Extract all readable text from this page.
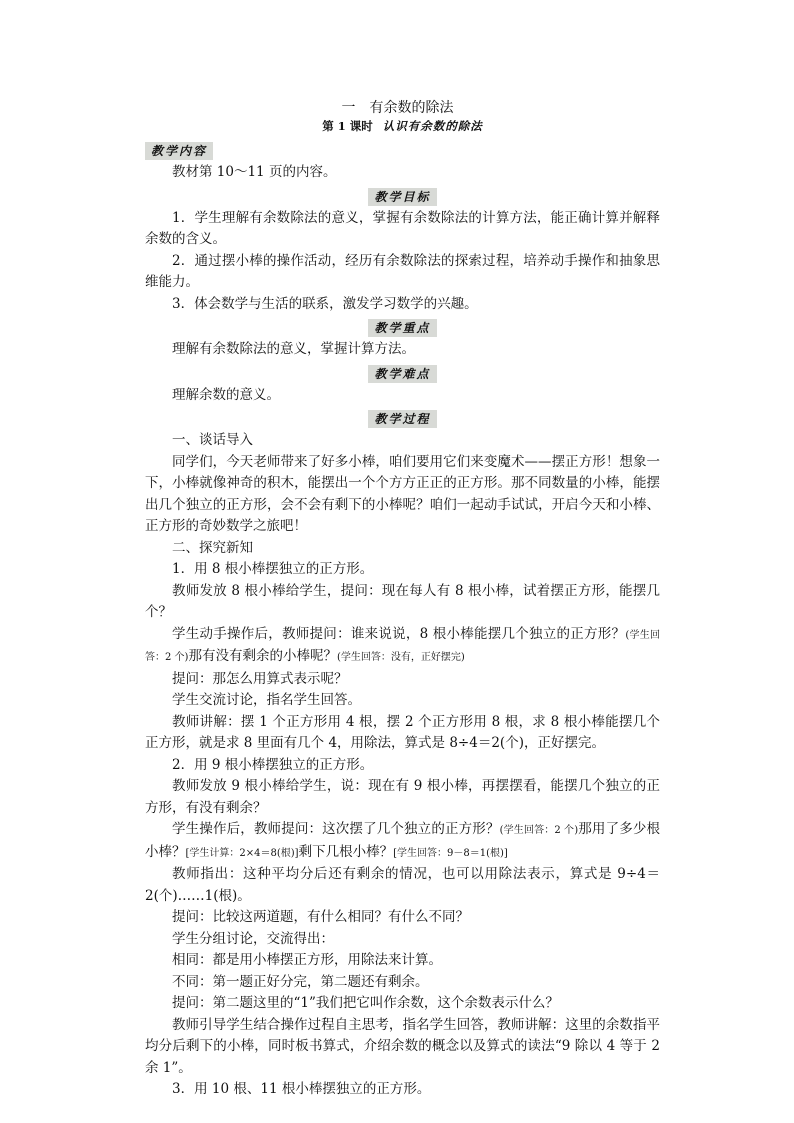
一　有余数的除法
第 1 课时 认识有余数的除法
教学内容

教材第 10～11 页的内容。

教学目标

1．学生理解有余数除法的意义，掌握有余数除法的计算方法，能正确计算并解释余数的含义。

2．通过摆小棒的操作活动，经历有余数除法的探索过程，培养动手操作和抽象思维能力。

3．体会数学与生活的联系，激发学习数学的兴趣。

教学重点

理解有余数除法的意义，掌握计算方法。

教学难点

理解余数的意义。

教学过程

一、谈话导入

同学们，今天老师带来了好多小棒，咱们要用它们来变魔术——摆正方形！想象一下，小棒就像神奇的积木，能摆出一个个方方正正的正方形。那不同数量的小棒，能摆出几个独立的正方形，会不会有剩下的小棒呢？咱们一起动手试试，开启今天和小棒、正方形的奇妙数学之旅吧！

二、探究新知

1．用 8 根小棒摆独立的正方形。

教师发放 8 根小棒给学生，提问：现在每人有 8 根小棒，试着摆正方形，能摆几个？

学生动手操作后，教师提问：谁来说说，8 根小棒能摆几个独立的正方形？(学生回答：2 个)那有没有剩余的小棒呢？(学生回答：没有，正好摆完)

提问：那怎么用算式表示呢？

学生交流讨论，指名学生回答。

教师讲解：摆 1 个正方形用 4 根，摆 2 个正方形用 8 根，求 8 根小棒能摆几个正方形，就是求 8 里面有几个 4，用除法，算式是 8÷4＝2(个)，正好摆完。

2．用 9 根小棒摆独立的正方形。

教师发放 9 根小棒给学生，说：现在有 9 根小棒，再摆摆看，能摆几个独立的正方形，有没有剩余？

学生操作后，教师提问：这次摆了几个独立的正方形？(学生回答：2 个)那用了多少根小棒？[学生计算：2×4＝8(根)]剩下几根小棒？[学生回答：9－8＝1(根)]

教师指出：这种平均分后还有剩余的情况，也可以用除法表示，算式是 9÷4＝2(个)……1(根)。

提问：比较这两道题，有什么相同？有什么不同？

学生分组讨论，交流得出：

相同：都是用小棒摆正方形，用除法来计算。

不同：第一题正好分完，第二题还有剩余。

提问：第二题这里的“1”我们把它叫作余数，这个余数表示什么？

教师引导学生结合操作过程自主思考，指名学生回答，教师讲解：这里的余数指平均分后剩下的小棒，同时板书算式，介绍余数的概念以及算式的读法“9 除以 4 等于 2 余 1”。

3．用 10 根、11 根小棒摆独立的正方形。
